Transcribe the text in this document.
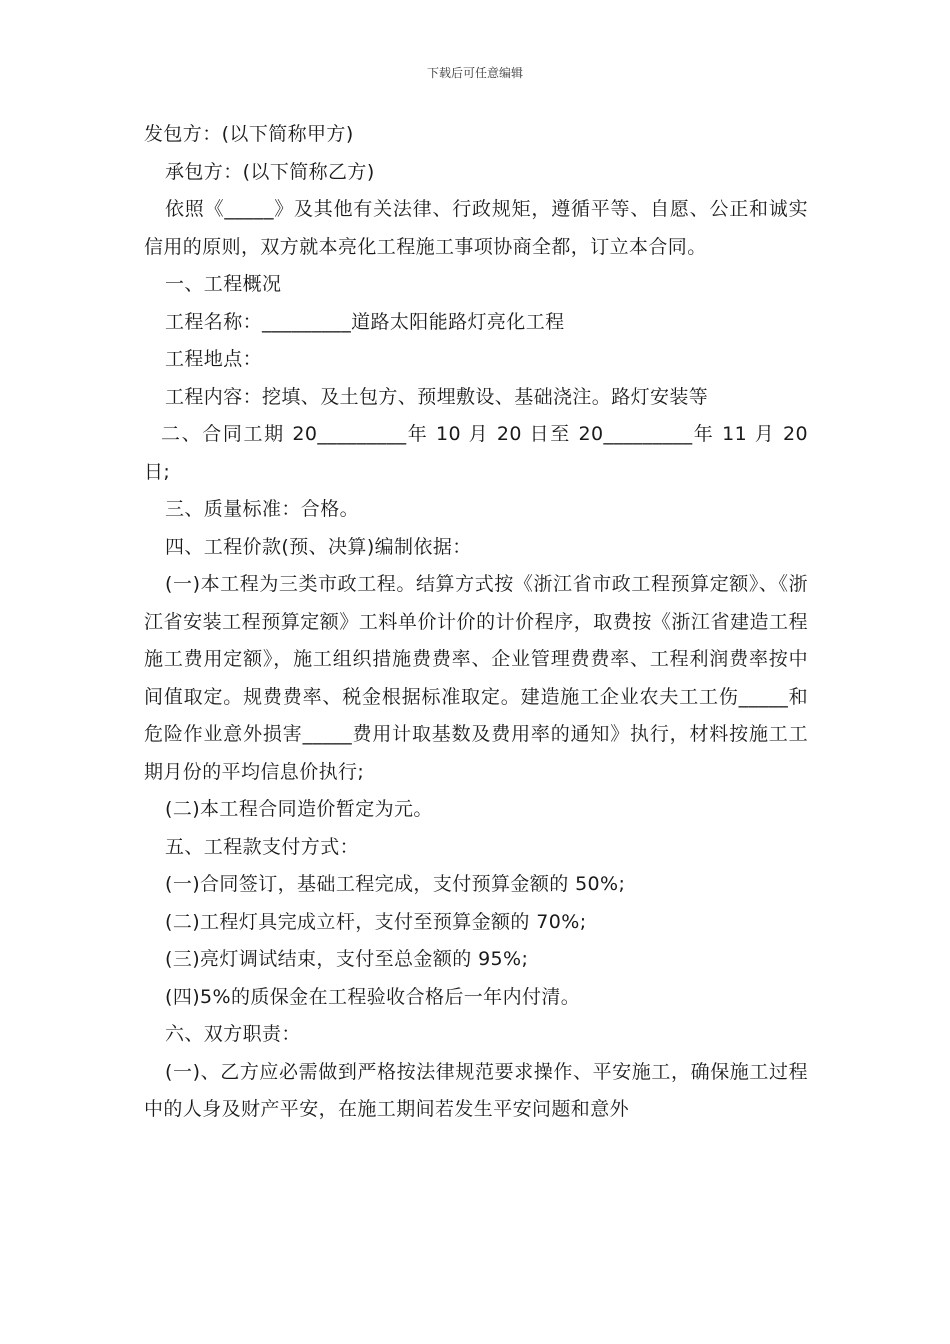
下载后可任意编辑

发包方：(以下简称甲方)

承包方：(以下简称乙方)

依照《_____》及其他有关法律、行政规矩，遵循平等、自愿、公正和诚实信用的原则，双方就本亮化工程施工事项协商全都，订立本合同。

一、工程概况

工程名称：_________道路太阳能路灯亮化工程

工程地点：

工程内容：挖填、及土包方、预埋敷设、基础浇注。路灯安装等

二、合同工期 20_________年 10 月 20 日至 20_________年 11 月 20 日;

三、质量标准：合格。

四、工程价款(预、决算)编制依据：

(一)本工程为三类市政工程。结算方式按《浙江省市政工程预算定额》、《浙江省安装工程预算定额》工料单价计价的计价程序，取费按《浙江省建造工程施工费用定额》，施工组织措施费费率、企业管理费费率、工程利润费率按中间值取定。规费费率、税金根据标准取定。建造施工企业农夫工工伤_____和危险作业意外损害_____费用计取基数及费用率的通知》执行，材料按施工工期月份的平均信息价执行;

(二)本工程合同造价暂定为元。

五、工程款支付方式：

(一)合同签订，基础工程完成，支付预算金额的 50%;

(二)工程灯具完成立杆，支付至预算金额的 70%;

(三)亮灯调试结束，支付至总金额的 95%;

(四)5%的质保金在工程验收合格后一年内付清。

六、双方职责：

(一)、乙方应必需做到严格按法律规范要求操作、平安施工，确保施工过程中的人身及财产平安，在施工期间若发生平安问题和意外
